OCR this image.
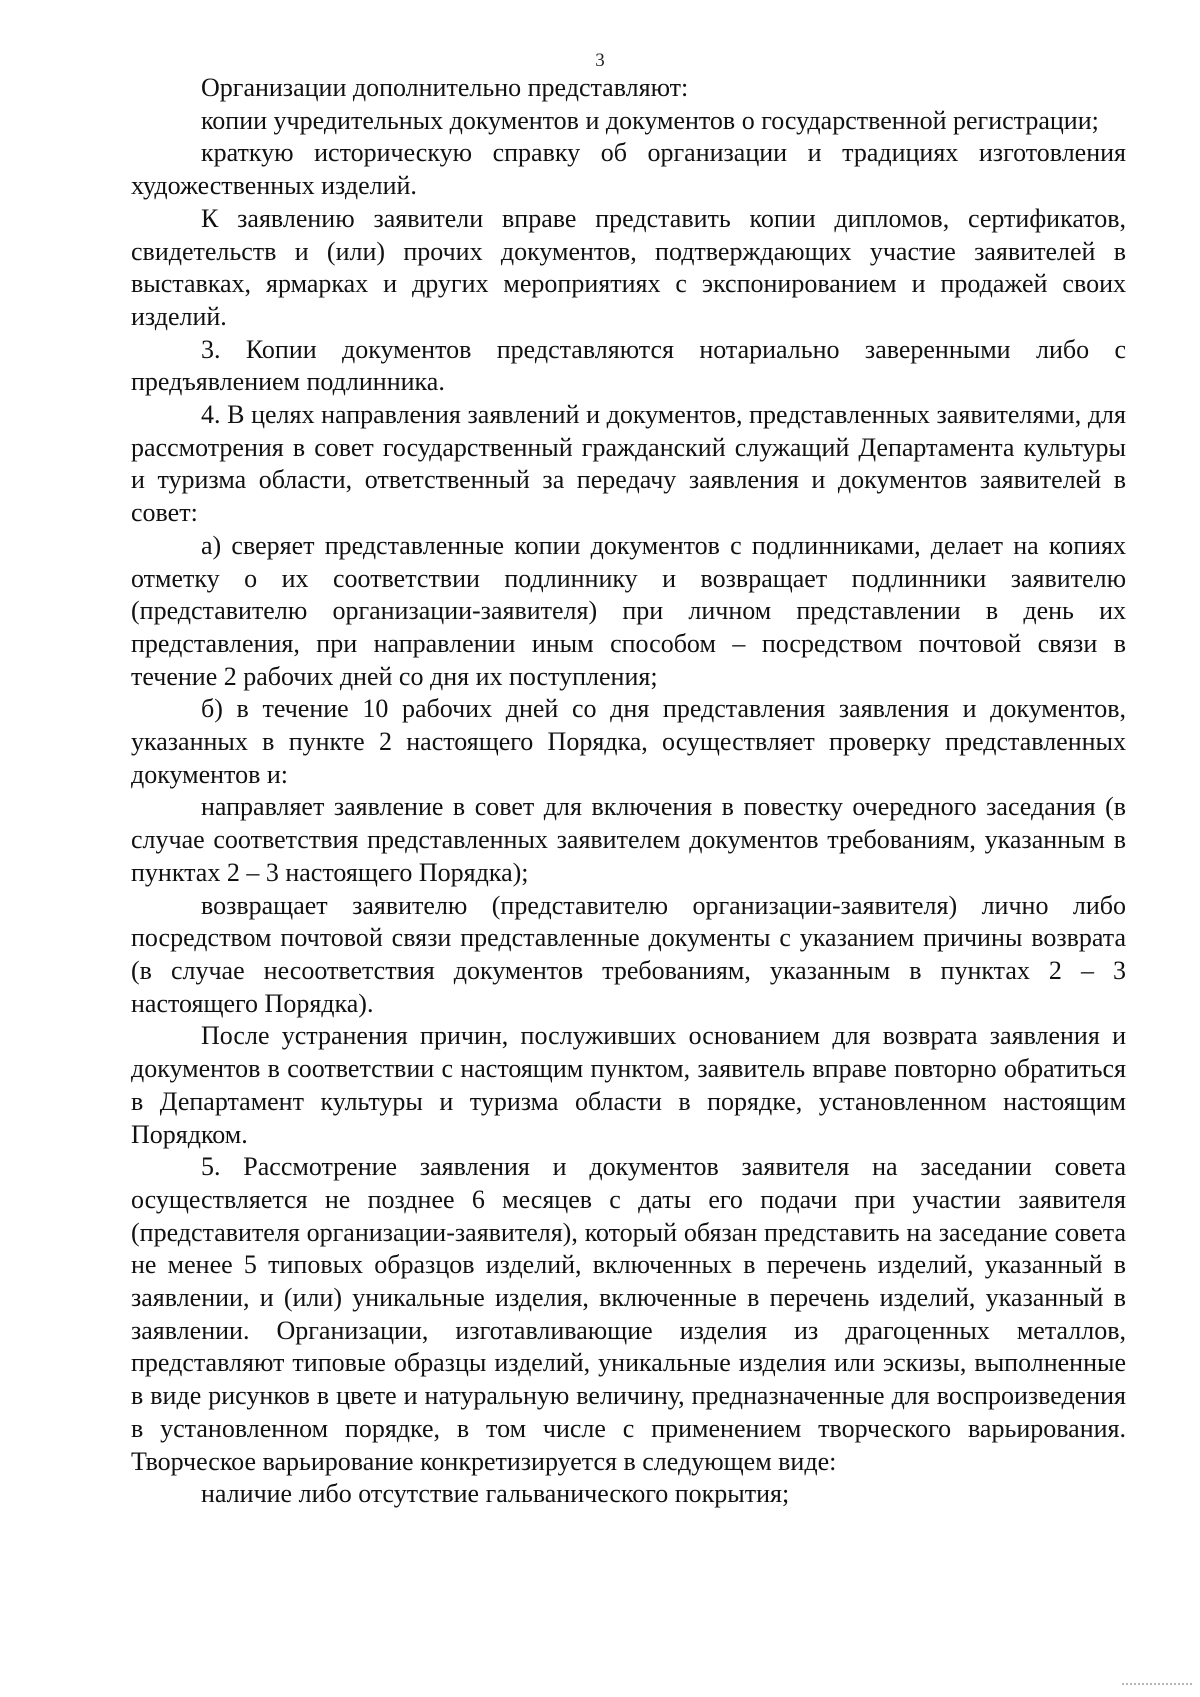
3

Организации дополнительно представляют:

копии учредительных документов и документов о государственной регистрации;

краткую историческую справку об организации и традициях изготовления художественных изделий.

К заявлению заявители вправе представить копии дипломов, сертификатов, свидетельств и (или) прочих документов, подтверждающих участие заявителей в выставках, ярмарках и других мероприятиях с экспонированием и продажей своих изделий.

3. Копии документов представляются нотариально заверенными либо с предъявлением подлинника.

4. В целях направления заявлений и документов, представленных заявителями, для рассмотрения в совет государственный гражданский служащий Департамента культуры и туризма области, ответственный за передачу заявления и документов заявителей в совет:

а) сверяет представленные копии документов с подлинниками, делает на копиях отметку о их соответствии подлиннику и возвращает подлинники заявителю (представителю организации-заявителя) при личном представлении в день их представления, при направлении иным способом – посредством почтовой связи в течение 2 рабочих дней со дня их поступления;

б) в течение 10 рабочих дней со дня представления заявления и документов, указанных в пункте 2 настоящего Порядка, осуществляет проверку представленных документов и:

направляет заявление в совет для включения в повестку очередного заседания (в случае соответствия представленных заявителем документов требованиям, указанным в пунктах 2 – 3 настоящего Порядка);

возвращает заявителю (представителю организации-заявителя) лично либо посредством почтовой связи представленные документы с указанием причины возврата (в случае несоответствия документов требованиям, указанным в пунктах 2 – 3 настоящего Порядка).

После устранения причин, послуживших основанием для возврата заявления и документов в соответствии с настоящим пунктом, заявитель вправе повторно обратиться в Департамент культуры и туризма области в порядке, установленном настоящим Порядком.

5. Рассмотрение заявления и документов заявителя на заседании совета осуществляется не позднее 6 месяцев с даты его подачи при участии заявителя (представителя организации-заявителя), который обязан представить на заседание совета не менее 5 типовых образцов изделий, включенных в перечень изделий, указанный в заявлении, и (или) уникальные изделия, включенные в перечень изделий, указанный в заявлении. Организации, изготавливающие изделия из драгоценных металлов, представляют типовые образцы изделий, уникальные изделия или эскизы, выполненные в виде рисунков в цвете и натуральную величину, предназначенные для воспроизведения в установленном порядке, в том числе с применением творческого варьирования. Творческое варьирование конкретизируется в следующем виде:

наличие либо отсутствие гальванического покрытия;
